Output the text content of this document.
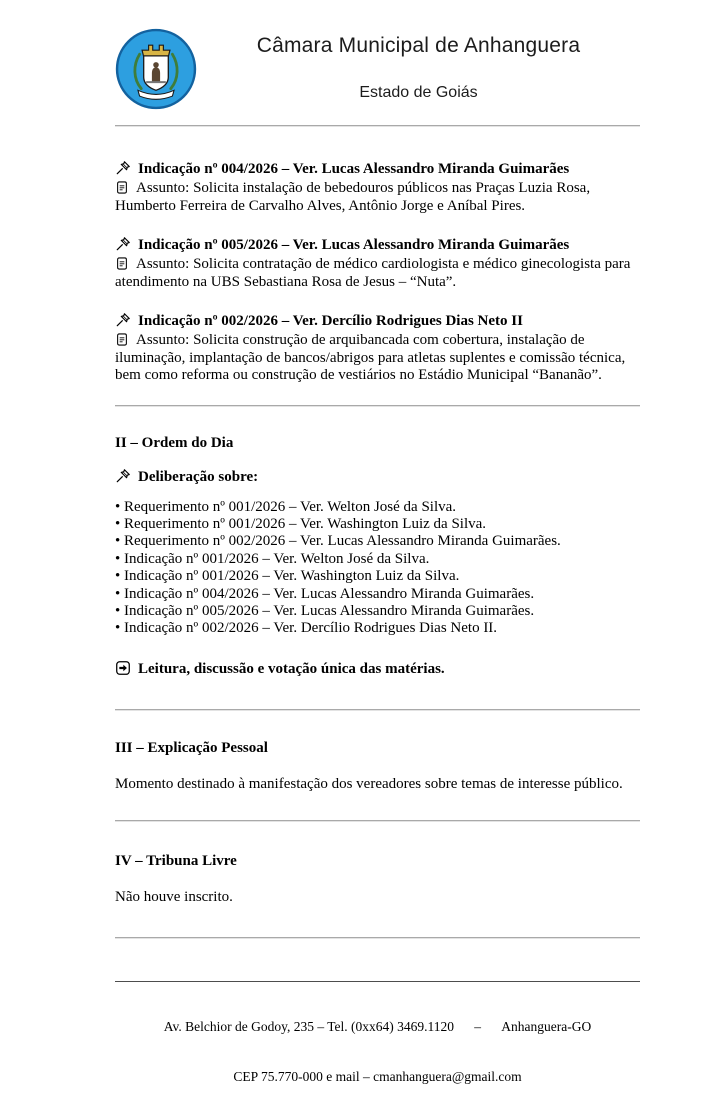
Câmara Municipal de Anhanguera
Estado de Goiás

Indicação nº 004/2026 – Ver. Lucas Alessandro Miranda Guimarães

Assunto: Solicita instalação de bebedouros públicos nas Praças Luzia Rosa, Humberto Ferreira de Carvalho Alves, Antônio Jorge e Aníbal Pires.

Indicação nº 005/2026 – Ver. Lucas Alessandro Miranda Guimarães

Assunto: Solicita contratação de médico cardiologista e médico ginecologista para atendimento na UBS Sebastiana Rosa de Jesus – “Nuta”.

Indicação nº 002/2026 – Ver. Dercílio Rodrigues Dias Neto II

Assunto: Solicita construção de arquibancada com cobertura, instalação de iluminação, implantação de bancos/abrigos para atletas suplentes e comissão técnica, bem como reforma ou construção de vestiários no Estádio Municipal “Bananão”.

II – Ordem do Dia

Deliberação sobre:

• Requerimento nº 001/2026 – Ver. Welton José da Silva.
• Requerimento nº 001/2026 – Ver. Washington Luiz da Silva.
• Requerimento nº 002/2026 – Ver. Lucas Alessandro Miranda Guimarães.
• Indicação nº 001/2026 – Ver. Welton José da Silva.
• Indicação nº 001/2026 – Ver. Washington Luiz da Silva.
• Indicação nº 004/2026 – Ver. Lucas Alessandro Miranda Guimarães.
• Indicação nº 005/2026 – Ver. Lucas Alessandro Miranda Guimarães.
• Indicação nº 002/2026 – Ver. Dercílio Rodrigues Dias Neto II.

Leitura, discussão e votação única das matérias.

III – Explicação Pessoal

Momento destinado à manifestação dos vereadores sobre temas de interesse público.

IV – Tribuna Livre

Não houve inscrito.

Av. Belchior de Godoy, 235 – Tel. (0xx64) 3469.1120      –      Anhanguera-GO

CEP 75.770-000 e mail – cmanhanguera@gmail.com
